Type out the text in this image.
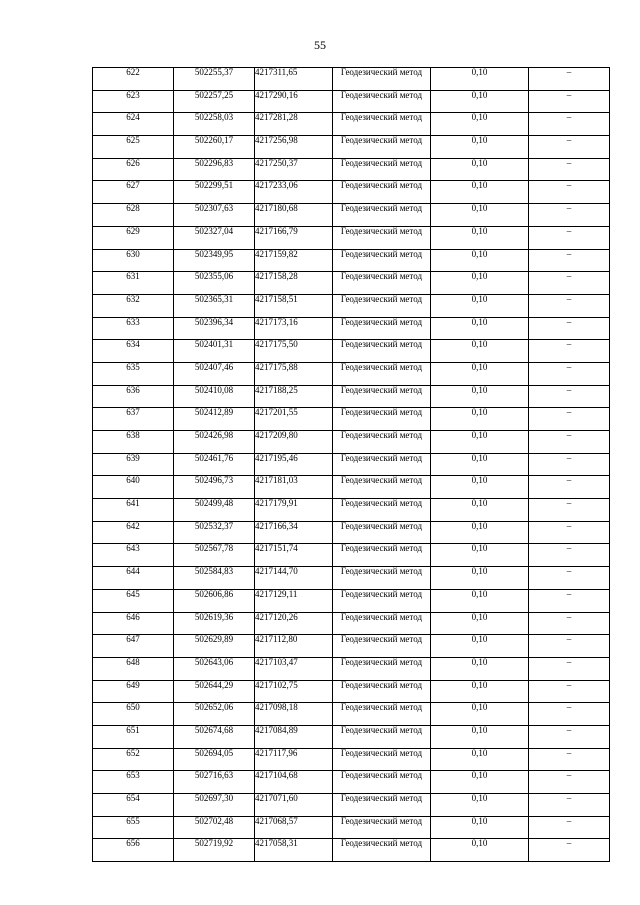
55
622	502255,37	4217311,65	Геодезический метод	0,10	–
623	502257,25	4217290,16	Геодезический метод	0,10	–
624	502258,03	4217281,28	Геодезический метод	0,10	–
625	502260,17	4217256,98	Геодезический метод	0,10	–
626	502296,83	4217250,37	Геодезический метод	0,10	–
627	502299,51	4217233,06	Геодезический метод	0,10	–
628	502307,63	4217180,68	Геодезический метод	0,10	–
629	502327,04	4217166,79	Геодезический метод	0,10	–
630	502349,95	4217159,82	Геодезический метод	0,10	–
631	502355,06	4217158,28	Геодезический метод	0,10	–
632	502365,31	4217158,51	Геодезический метод	0,10	–
633	502396,34	4217173,16	Геодезический метод	0,10	–
634	502401,31	4217175,50	Геодезический метод	0,10	–
635	502407,46	4217175,88	Геодезический метод	0,10	–
636	502410,08	4217188,25	Геодезический метод	0,10	–
637	502412,89	4217201,55	Геодезический метод	0,10	–
638	502426,98	4217209,80	Геодезический метод	0,10	–
639	502461,76	4217195,46	Геодезический метод	0,10	–
640	502496,73	4217181,03	Геодезический метод	0,10	–
641	502499,48	4217179,91	Геодезический метод	0,10	–
642	502532,37	4217166,34	Геодезический метод	0,10	–
643	502567,78	4217151,74	Геодезический метод	0,10	–
644	502584,83	4217144,70	Геодезический метод	0,10	–
645	502606,86	4217129,11	Геодезический метод	0,10	–
646	502619,36	4217120,26	Геодезический метод	0,10	–
647	502629,89	4217112,80	Геодезический метод	0,10	–
648	502643,06	4217103,47	Геодезический метод	0,10	–
649	502644,29	4217102,75	Геодезический метод	0,10	–
650	502652,06	4217098,18	Геодезический метод	0,10	–
651	502674,68	4217084,89	Геодезический метод	0,10	–
652	502694,05	4217117,96	Геодезический метод	0,10	–
653	502716,63	4217104,68	Геодезический метод	0,10	–
654	502697,30	4217071,60	Геодезический метод	0,10	–
655	502702,48	4217068,57	Геодезический метод	0,10	–
656	502719,92	4217058,31	Геодезический метод	0,10	–
